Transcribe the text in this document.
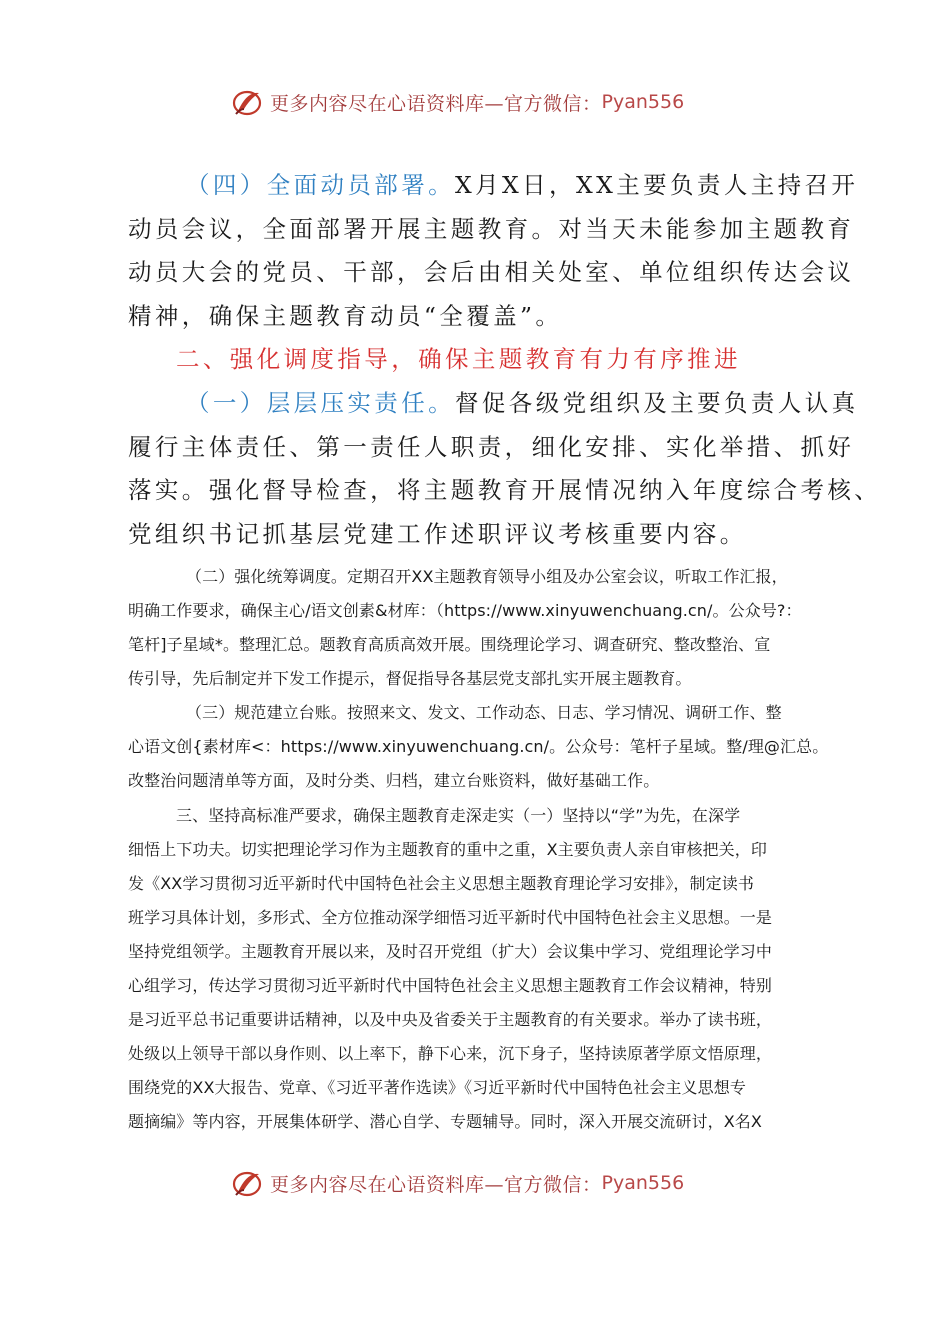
更多内容尽在心语资料库—官方微信： Pyan556
（四）全面动员部署。X月X日，XX主要负责人主持召开
动员会议，全面部署开展主题教育。对当天未能参加主题教育
动员大会的党员、干部，会后由相关处室、单位组织传达会议
精神，确保主题教育动员“全覆盖”。
二、强化调度指导，确保主题教育有力有序推进
（一）层层压实责任。督促各级党组织及主要负责人认真
履行主体责任、第一责任人职责，细化安排、实化举措、抓好
落实。强化督导检查，将主题教育开展情况纳入年度综合考核、
党组织书记抓基层党建工作述职评议考核重要内容。
（二）强化统筹调度。定期召开XX主题教育领导小组及办公室会议，听取工作汇报，
明确工作要求，确保主心/语文创素&材库：（https://www.xinyuwenchuang.cn/。公众号?：
笔杆]子星域*。整理汇总。题教育高质高效开展。围绕理论学习、调查研究、整改整治、宣
传引导，先后制定并下发工作提示，督促指导各基层党支部扎实开展主题教育。
（三）规范建立台账。按照来文、发文、工作动态、日志、学习情况、调研工作、整
心语文创{素材库<：https://www.xinyuwenchuang.cn/。公众号：笔杆子星域。整/理@汇总。
改整治问题清单等方面，及时分类、归档，建立台账资料，做好基础工作。
三、坚持高标准严要求，确保主题教育走深走实（一）坚持以“学”为先，在深学
细悟上下功夫。切实把理论学习作为主题教育的重中之重，X主要负责人亲自审核把关，印
发《XX学习贯彻习近平新时代中国特色社会主义思想主题教育理论学习安排》，制定读书
班学习具体计划，多形式、全方位推动深学细悟习近平新时代中国特色社会主义思想。一是
坚持党组领学。主题教育开展以来，及时召开党组（扩大）会议集中学习、党组理论学习中
心组学习，传达学习贯彻习近平新时代中国特色社会主义思想主题教育工作会议精神，特别
是习近平总书记重要讲话精神，以及中央及省委关于主题教育的有关要求。举办了读书班，
处级以上领导干部以身作则、以上率下，静下心来，沉下身子，坚持读原著学原文悟原理，
围绕党的XX大报告、党章、《习近平著作选读》《习近平新时代中国特色社会主义思想专
题摘编》等内容，开展集体研学、潜心自学、专题辅导。同时，深入开展交流研讨，X名X
更多内容尽在心语资料库—官方微信： Pyan556
